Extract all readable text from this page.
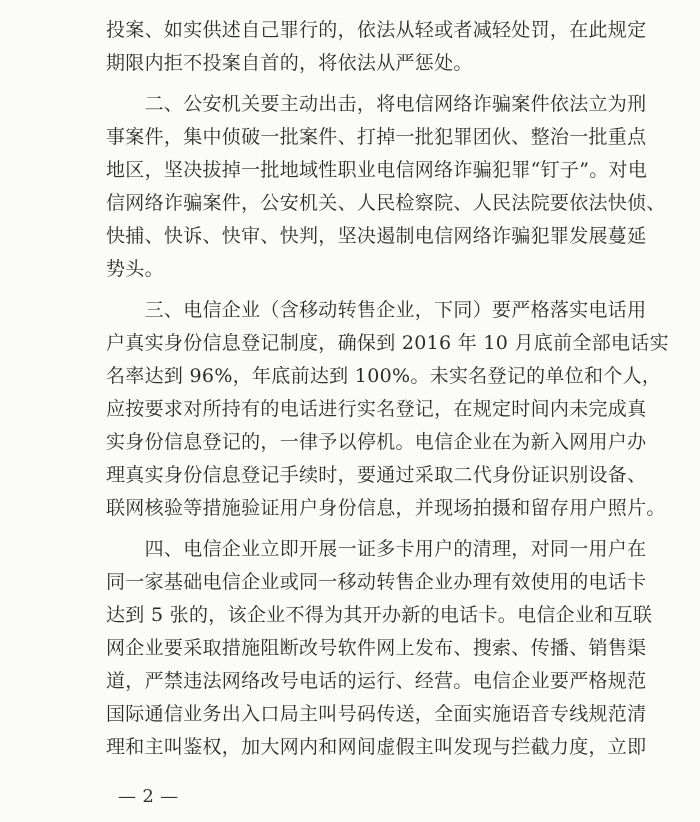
投案、如实供述自己罪行的，依法从轻或者减轻处罚，在此规定
期限内拒不投案自首的，将依法从严惩处。
　　二、公安机关要主动出击，将电信网络诈骗案件依法立为刑
事案件，集中侦破一批案件、打掉一批犯罪团伙、整治一批重点
地区，坚决拔掉一批地域性职业电信网络诈骗犯罪“钉子”。对电
信网络诈骗案件，公安机关、人民检察院、人民法院要依法快侦、
快捕、快诉、快审、快判，坚决遏制电信网络诈骗犯罪发展蔓延
势头。
　　三、电信企业（含移动转售企业，下同）要严格落实电话用
户真实身份信息登记制度，确保到 2016 年 10 月底前全部电话实
名率达到 96%，年底前达到 100%。未实名登记的单位和个人，
应按要求对所持有的电话进行实名登记，在规定时间内未完成真
实身份信息登记的，一律予以停机。电信企业在为新入网用户办
理真实身份信息登记手续时，要通过采取二代身份证识别设备、
联网核验等措施验证用户身份信息，并现场拍摄和留存用户照片。
　　四、电信企业立即开展一证多卡用户的清理，对同一用户在
同一家基础电信企业或同一移动转售企业办理有效使用的电话卡
达到 5 张的，该企业不得为其开办新的电话卡。电信企业和互联
网企业要采取措施阻断改号软件网上发布、搜索、传播、销售渠
道，严禁违法网络改号电话的运行、经营。电信企业要严格规范
国际通信业务出入口局主叫号码传送，全面实施语音专线规范清
理和主叫鉴权，加大网内和网间虚假主叫发现与拦截力度，立即
— 2 —
